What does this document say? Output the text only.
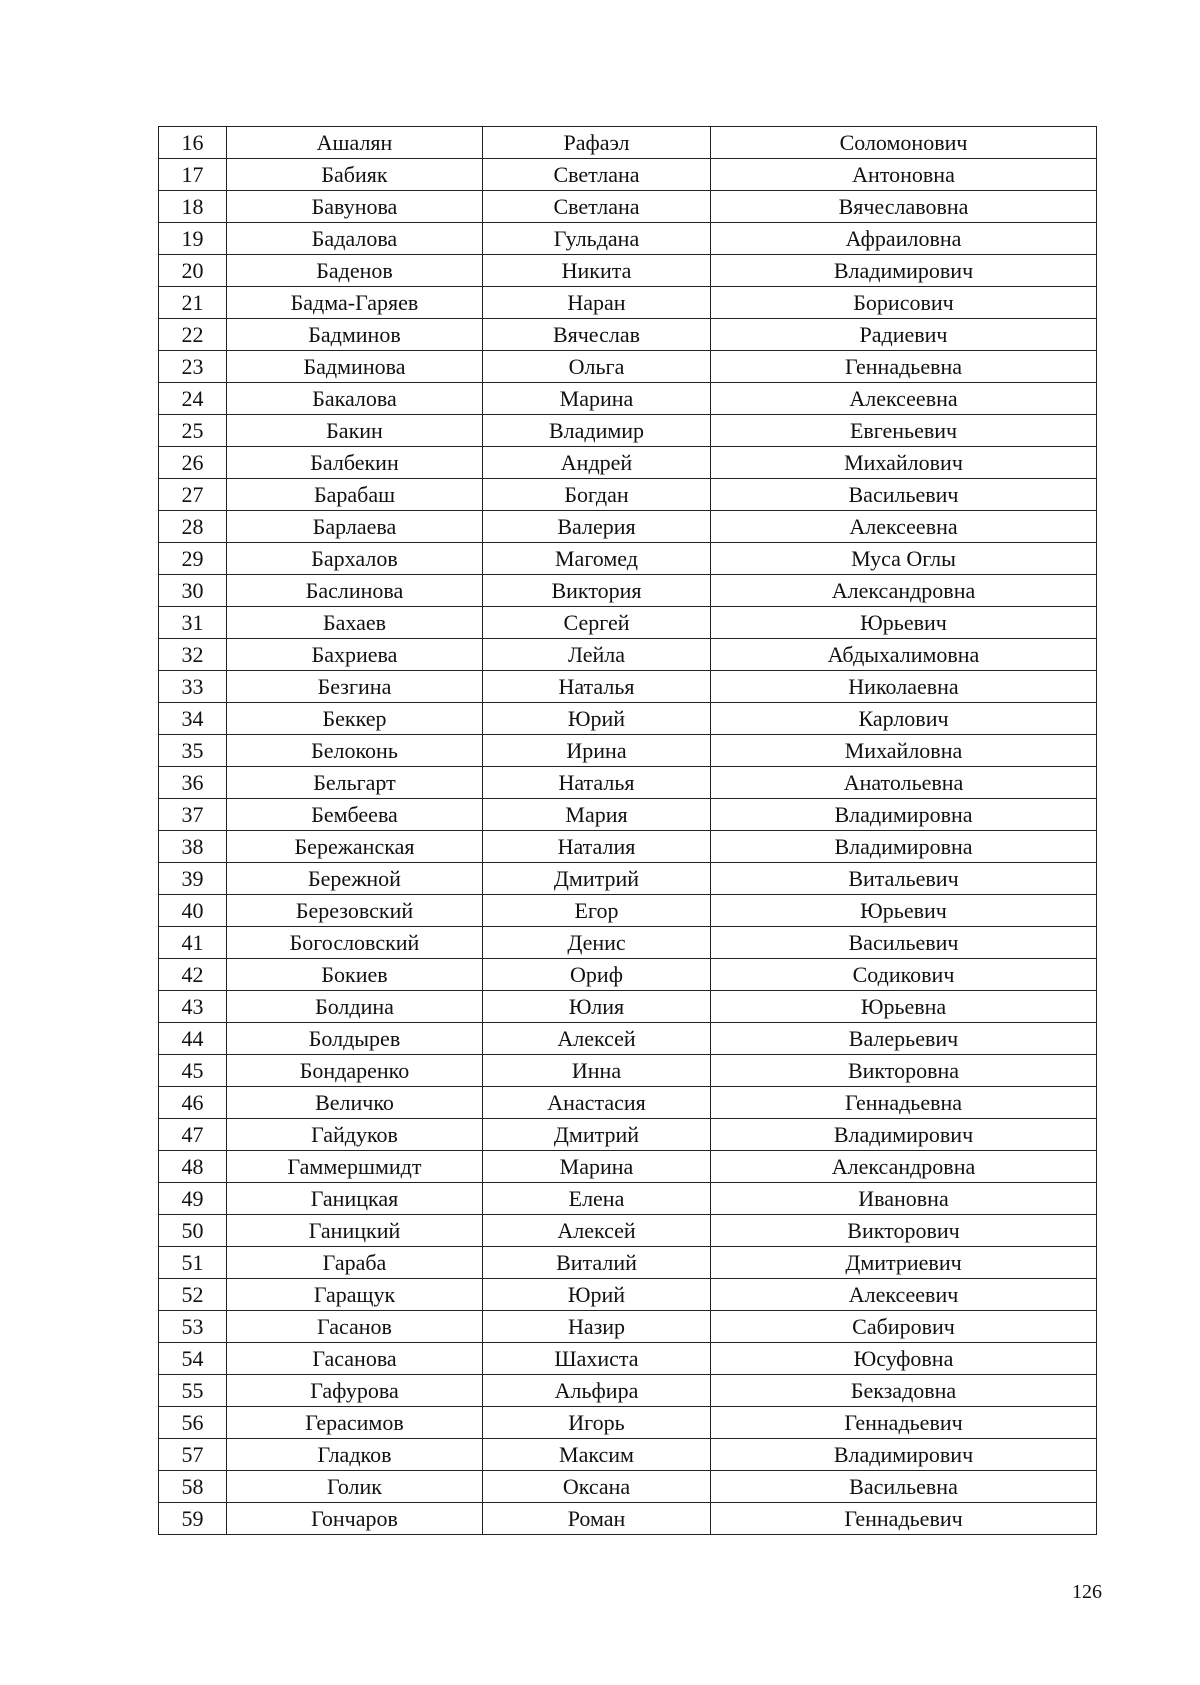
16	Ашалян	Рафаэл	Соломонович
17	Бабияк	Светлана	Антоновна
18	Бавунова	Светлана	Вячеславовна
19	Бадалова	Гульдана	Афраиловна
20	Баденов	Никита	Владимирович
21	Бадма-Гаряев	Наран	Борисович
22	Бадминов	Вячеслав	Радиевич
23	Бадминова	Ольга	Геннадьевна
24	Бакалова	Марина	Алексеевна
25	Бакин	Владимир	Евгеньевич
26	Балбекин	Андрей	Михайлович
27	Барабаш	Богдан	Васильевич
28	Барлаева	Валерия	Алексеевна
29	Бархалов	Магомед	Муса Оглы
30	Баслинова	Виктория	Александровна
31	Бахаев	Сергей	Юрьевич
32	Бахриева	Лейла	Абдыхалимовна
33	Безгина	Наталья	Николаевна
34	Беккер	Юрий	Карлович
35	Белоконь	Ирина	Михайловна
36	Бельгарт	Наталья	Анатольевна
37	Бембеева	Мария	Владимировна
38	Бережанская	Наталия	Владимировна
39	Бережной	Дмитрий	Витальевич
40	Березовский	Егор	Юрьевич
41	Богословский	Денис	Васильевич
42	Бокиев	Ориф	Содикович
43	Болдина	Юлия	Юрьевна
44	Болдырев	Алексей	Валерьевич
45	Бондаренко	Инна	Викторовна
46	Величко	Анастасия	Геннадьевна
47	Гайдуков	Дмитрий	Владимирович
48	Гаммершмидт	Марина	Александровна
49	Ганицкая	Елена	Ивановна
50	Ганицкий	Алексей	Викторович
51	Гараба	Виталий	Дмитриевич
52	Гаращук	Юрий	Алексеевич
53	Гасанов	Назир	Сабирович
54	Гасанова	Шахиста	Юсуфовна
55	Гафурова	Альфира	Бекзадовна
56	Герасимов	Игорь	Геннадьевич
57	Гладков	Максим	Владимирович
58	Голик	Оксана	Васильевна
59	Гончаров	Роман	Геннадьевич
126
